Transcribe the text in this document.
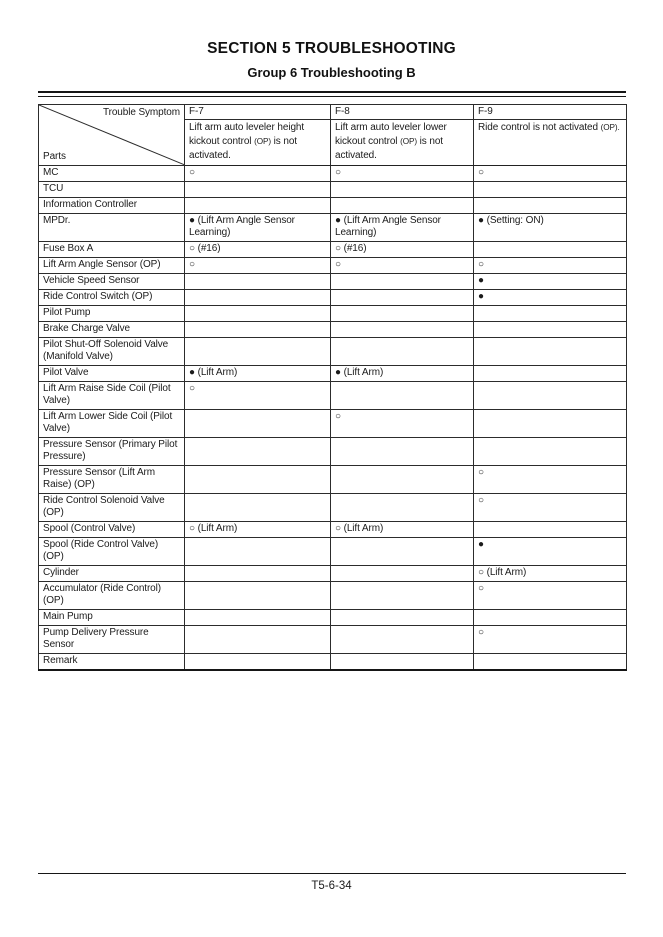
SECTION 5 TROUBLESHOOTING
Group 6 Troubleshooting B
Trouble Symptom
Parts	F-7	F-8	F-9
	Lift arm auto leveler height kickout control (OP) is not activated.	Lift arm auto leveler lower kickout control (OP) is not activated.	Ride control is not activated (OP).
MC	○	○	○
TCU			
Information Controller			
MPDr.	● (Lift Arm Angle Sensor Learning)	● (Lift Arm Angle Sensor Learning)	● (Setting: ON)
Fuse Box A	○ (#16)	○ (#16)	
Lift Arm Angle Sensor (OP)	○	○	○
Vehicle Speed Sensor			●
Ride Control Switch (OP)			●
Pilot Pump			
Brake Charge Valve			
Pilot Shut-Off Solenoid Valve (Manifold Valve)			
Pilot Valve	● (Lift Arm)	● (Lift Arm)	
Lift Arm Raise Side Coil (Pilot Valve)	○		
Lift Arm Lower Side Coil (Pilot Valve)		○	
Pressure Sensor (Primary Pilot Pressure)			
Pressure Sensor (Lift Arm Raise) (OP)			○
Ride Control Solenoid Valve (OP)			○
Spool (Control Valve)	○ (Lift Arm)	○ (Lift Arm)	
Spool (Ride Control Valve) (OP)			●
Cylinder			○ (Lift Arm)
Accumulator (Ride Control) (OP)			○
Main Pump			
Pump Delivery Pressure Sensor			○
Remark			
T5-6-34
